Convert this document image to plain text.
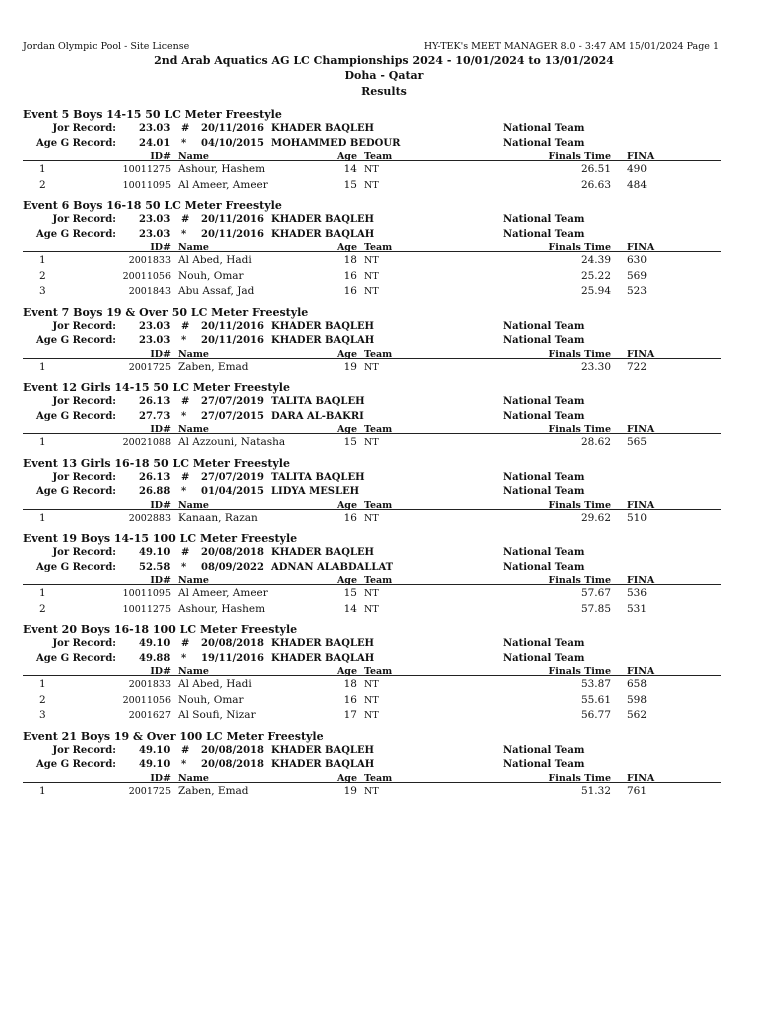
Jordan Olympic Pool - Site License	HY-TEK's MEET MANAGER 8.0 - 3:47 AM 15/01/2024 Page 1
2nd Arab Aquatics AG LC Championships 2024 - 10/01/2024 to 13/01/2024
Doha - Qatar
Results
Event 5 Boys 14-15 50 LC Meter Freestyle
Jor Record: 23.03 # 20/11/2016 KHADER BAQLEH	National Team
Age G Record: 24.01 * 04/10/2015 MOHAMMED BEDOUR	National Team
ID# Name	Age Team	Finals Time FINA
1	10011275 Ashour, Hashem	14 NT	26.51 490
2	10011095 Al Ameer, Ameer	15 NT	26.63 484
Event 6 Boys 16-18 50 LC Meter Freestyle
Jor Record: 23.03 # 20/11/2016 KHADER BAQLEH	National Team
Age G Record: 23.03 * 20/11/2016 KHADER BAQLAH	National Team
ID# Name	Age Team	Finals Time FINA
1	2001833 Al Abed, Hadi	18 NT	24.39 630
2	20011056 Nouh, Omar	16 NT	25.22 569
3	2001843 Abu Assaf, Jad	16 NT	25.94 523
Event 7 Boys 19 & Over 50 LC Meter Freestyle
Jor Record: 23.03 # 20/11/2016 KHADER BAQLEH	National Team
Age G Record: 23.03 * 20/11/2016 KHADER BAQLAH	National Team
ID# Name	Age Team	Finals Time FINA
1	2001725 Zaben, Emad	19 NT	23.30 722
Event 12 Girls 14-15 50 LC Meter Freestyle
Jor Record: 26.13 # 27/07/2019 TALITA BAQLEH	National Team
Age G Record: 27.73 * 27/07/2015 DARA AL-BAKRI	National Team
ID# Name	Age Team	Finals Time FINA
1	20021088 Al Azzouni, Natasha	15 NT	28.62 565
Event 13 Girls 16-18 50 LC Meter Freestyle
Jor Record: 26.13 # 27/07/2019 TALITA BAQLEH	National Team
Age G Record: 26.88 * 01/04/2015 LIDYA MESLEH	National Team
ID# Name	Age Team	Finals Time FINA
1	2002883 Kanaan, Razan	16 NT	29.62 510
Event 19 Boys 14-15 100 LC Meter Freestyle
Jor Record: 49.10 # 20/08/2018 KHADER BAQLEH	National Team
Age G Record: 52.58 * 08/09/2022 ADNAN ALABDALLAT	National Team
ID# Name	Age Team	Finals Time FINA
1	10011095 Al Ameer, Ameer	15 NT	57.67 536
2	10011275 Ashour, Hashem	14 NT	57.85 531
Event 20 Boys 16-18 100 LC Meter Freestyle
Jor Record: 49.10 # 20/08/2018 KHADER BAQLEH	National Team
Age G Record: 49.88 * 19/11/2016 KHADER BAQLAH	National Team
ID# Name	Age Team	Finals Time FINA
1	2001833 Al Abed, Hadi	18 NT	53.87 658
2	20011056 Nouh, Omar	16 NT	55.61 598
3	2001627 Al Soufi, Nizar	17 NT	56.77 562
Event 21 Boys 19 & Over 100 LC Meter Freestyle
Jor Record: 49.10 # 20/08/2018 KHADER BAQLEH	National Team
Age G Record: 49.10 * 20/08/2018 KHADER BAQLAH	National Team
ID# Name	Age Team	Finals Time FINA
1	2001725 Zaben, Emad	19 NT	51.32 761
